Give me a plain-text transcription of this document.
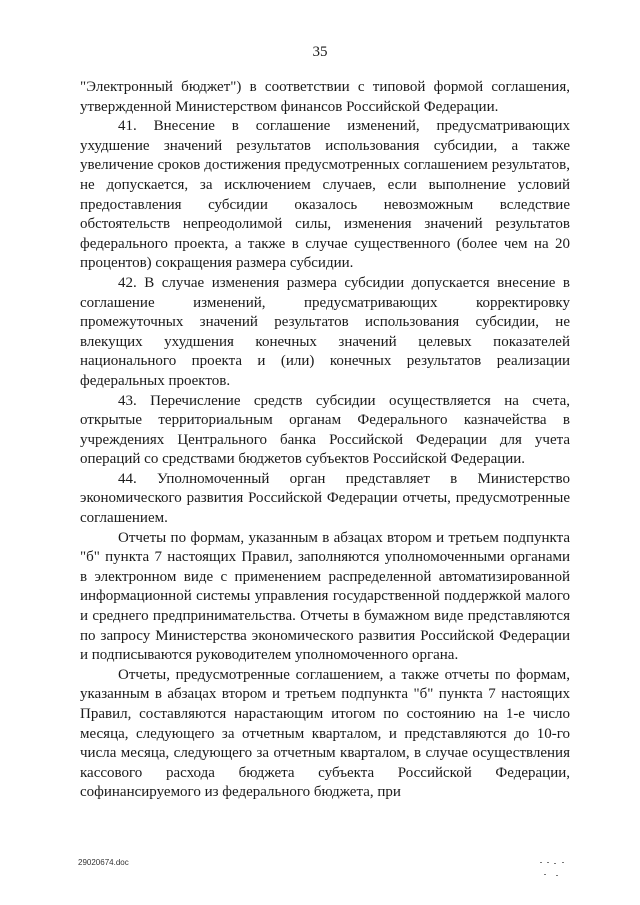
35

"Электронный бюджет") в соответствии с типовой формой соглашения, утвержденной Министерством финансов Российской Федерации.

41. Внесение в соглашение изменений, предусматривающих ухудшение значений результатов использования субсидии, а также увеличение сроков достижения предусмотренных соглашением результатов, не допускается, за исключением случаев, если выполнение условий предоставления субсидии оказалось невозможным вследствие обстоятельств непреодолимой силы, изменения значений результатов федерального проекта, а также в случае существенного (более чем на 20 процентов) сокращения размера субсидии.

42. В случае изменения размера субсидии допускается внесение в соглашение изменений, предусматривающих корректировку промежуточных значений результатов использования субсидии, не влекущих ухудшения конечных значений целевых показателей национального проекта и (или) конечных результатов реализации федеральных проектов.

43. Перечисление средств субсидии осуществляется на счета, открытые территориальным органам Федерального казначейства в учреждениях Центрального банка Российской Федерации для учета операций со средствами бюджетов субъектов Российской Федерации.

44. Уполномоченный орган представляет в Министерство экономического развития Российской Федерации отчеты, предусмотренные соглашением.

Отчеты по формам, указанным в абзацах втором и третьем подпункта "б" пункта 7 настоящих Правил, заполняются уполномоченными органами в электронном виде с применением распределенной автоматизированной информационной системы управления государственной поддержкой малого и среднего предпринимательства. Отчеты в бумажном виде представляются по запросу Министерства экономического развития Российской Федерации и подписываются руководителем уполномоченного органа.

Отчеты, предусмотренные соглашением, а также отчеты по формам, указанным в абзацах втором и третьем подпункта "б" пункта 7 настоящих Правил, составляются нарастающим итогом по состоянию на 1-е число месяца, следующего за отчетным кварталом, и представляются до 10-го числа месяца, следующего за отчетным кварталом, в случае осуществления кассового расхода бюджета субъекта Российской Федерации, софинансируемого из федерального бюджета, при

29020674.doc
